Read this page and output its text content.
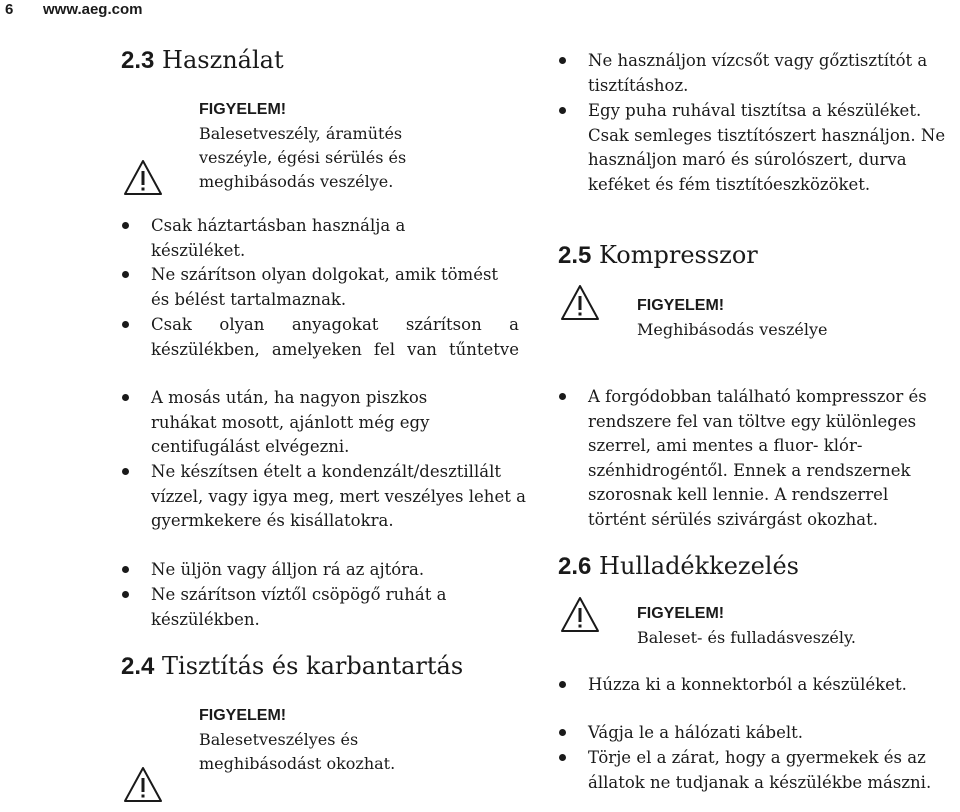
6 www.aeg.com
2.3 Használat
FIGYELEM!
Balesetveszély, áramütés
veszéyle, égési sérülés és
meghibásodás veszélye.
Csak háztartásban használja a készüléket.
Ne szárítson olyan dolgokat, amik tömést és bélést tartalmaznak.
Csak olyan anyagokat szárítson a készülékben, amelyeken fel van tűntetve
A mosás után, ha nagyon piszkos ruhákat mosott, ajánlott még egy centifugálást elvégezni.
Ne készítsen ételt a kondenzált/desztillált vízzel, vagy igya meg, mert veszélyes lehet a gyermkekere és kisállatokra.
Ne üljön vagy álljon rá az ajtóra.
Ne szárítson víztől csöpögő ruhát a készülékben.
2.4 Tisztítás és karbantartás
FIGYELEM!
Balesetveszélyes és
meghibásodást okozhat.
Ne használjon vízcsőt vagy gőztisztítót a tisztításhoz.
Egy puha ruhával tisztítsa a készüléket. Csak semleges tisztítószert használjon. Ne használjon maró és súrolószert, durva keféket és fém tisztítóeszközöket.
2.5 Kompresszor
FIGYELEM!
Meghibásodás veszélye
A forgódobban található kompresszor és rendszere fel van töltve egy különleges szerrel, ami mentes a fluor- klór-szénhidrogéntől. Ennek a rendszernek szorosnak kell lennie. A rendszerrel történt sérülés szivárgást okozhat.
2.6 Hulladékkezelés
FIGYELEM!
Baleset- és fulladásveszély.
Húzza ki a konnektorból a készüléket.
Vágja le a hálózati kábelt.
Törje el a zárat, hogy a gyermekek és az állatok ne tudjanak a készülékbe mászni.
